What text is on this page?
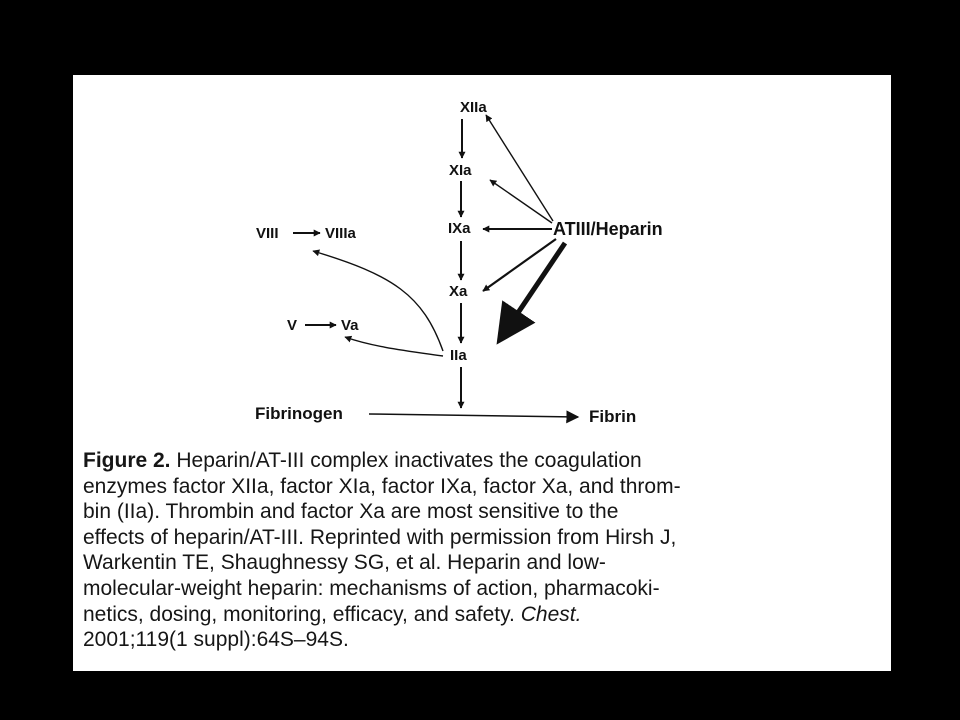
XIIa
XIa
IXa
Xa
IIa
VIII	VIIIa
V	Va
Fibrinogen	Fibrin
ATIII/Heparin
Figure 2. Heparin/AT-III complex inactivates the coagulation
enzymes factor XIIa, factor XIa, factor IXa, factor Xa, and throm-
bin (IIa). Thrombin and factor Xa are most sensitive to the
effects of heparin/AT-III. Reprinted with permission from Hirsh J,
Warkentin TE, Shaughnessy SG, et al. Heparin and low-
molecular-weight heparin: mechanisms of action, pharmacoki-
netics, dosing, monitoring, efficacy, and safety. Chest.
2001;119(1 suppl):64S–94S.
